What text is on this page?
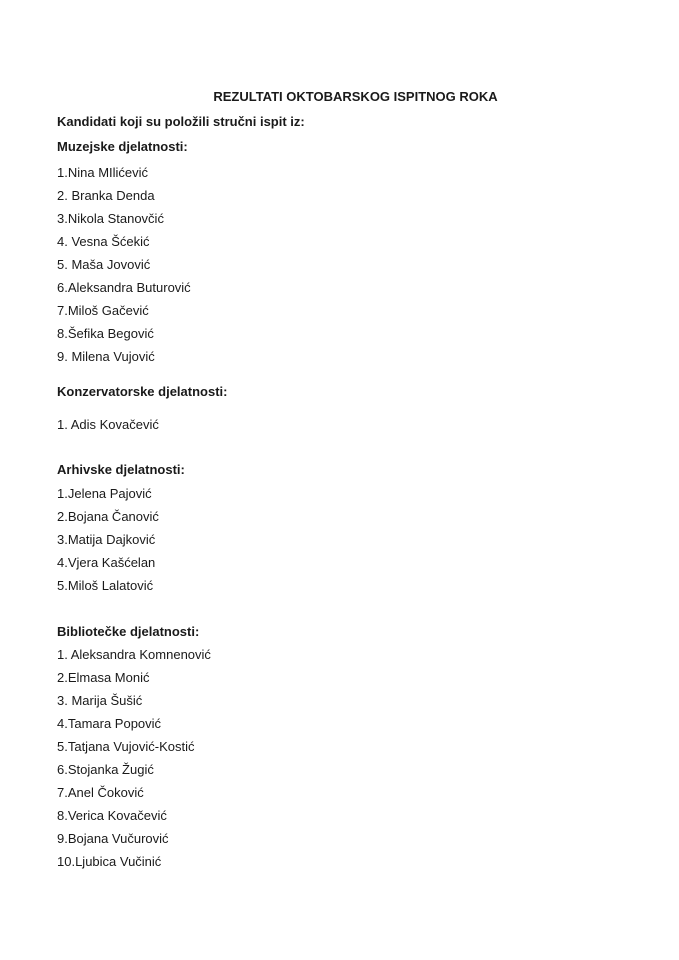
REZULTATI OKTOBARSKOG ISPITNOG ROKA
Kandidati koji su položili stručni ispit iz:
Muzejske djelatnosti:
1.Nina MIlićević
2. Branka Denda
3.Nikola Stanovčić
4. Vesna Šćekić
5. Maša Jovović
6.Aleksandra Buturović
7.Miloš Gačević
8.Šefika Begović
9. Milena Vujović
Konzervatorske djelatnosti:
1. Adis Kovačević
Arhivske djelatnosti:
1.Jelena Pajović
2.Bojana Čanović
3.Matija Dajković
4.Vjera Kašćelan
5.Miloš Lalatović
Bibliotečke djelatnosti:
1. Aleksandra Komnenović
2.Elmasa Monić
3. Marija Šušić
4.Tamara Popović
5.Tatjana Vujović-Kostić
6.Stojanka Žugić
7.Anel Čoković
8.Verica Kovačević
9.Bojana Vučurović
10.Ljubica Vučinić
